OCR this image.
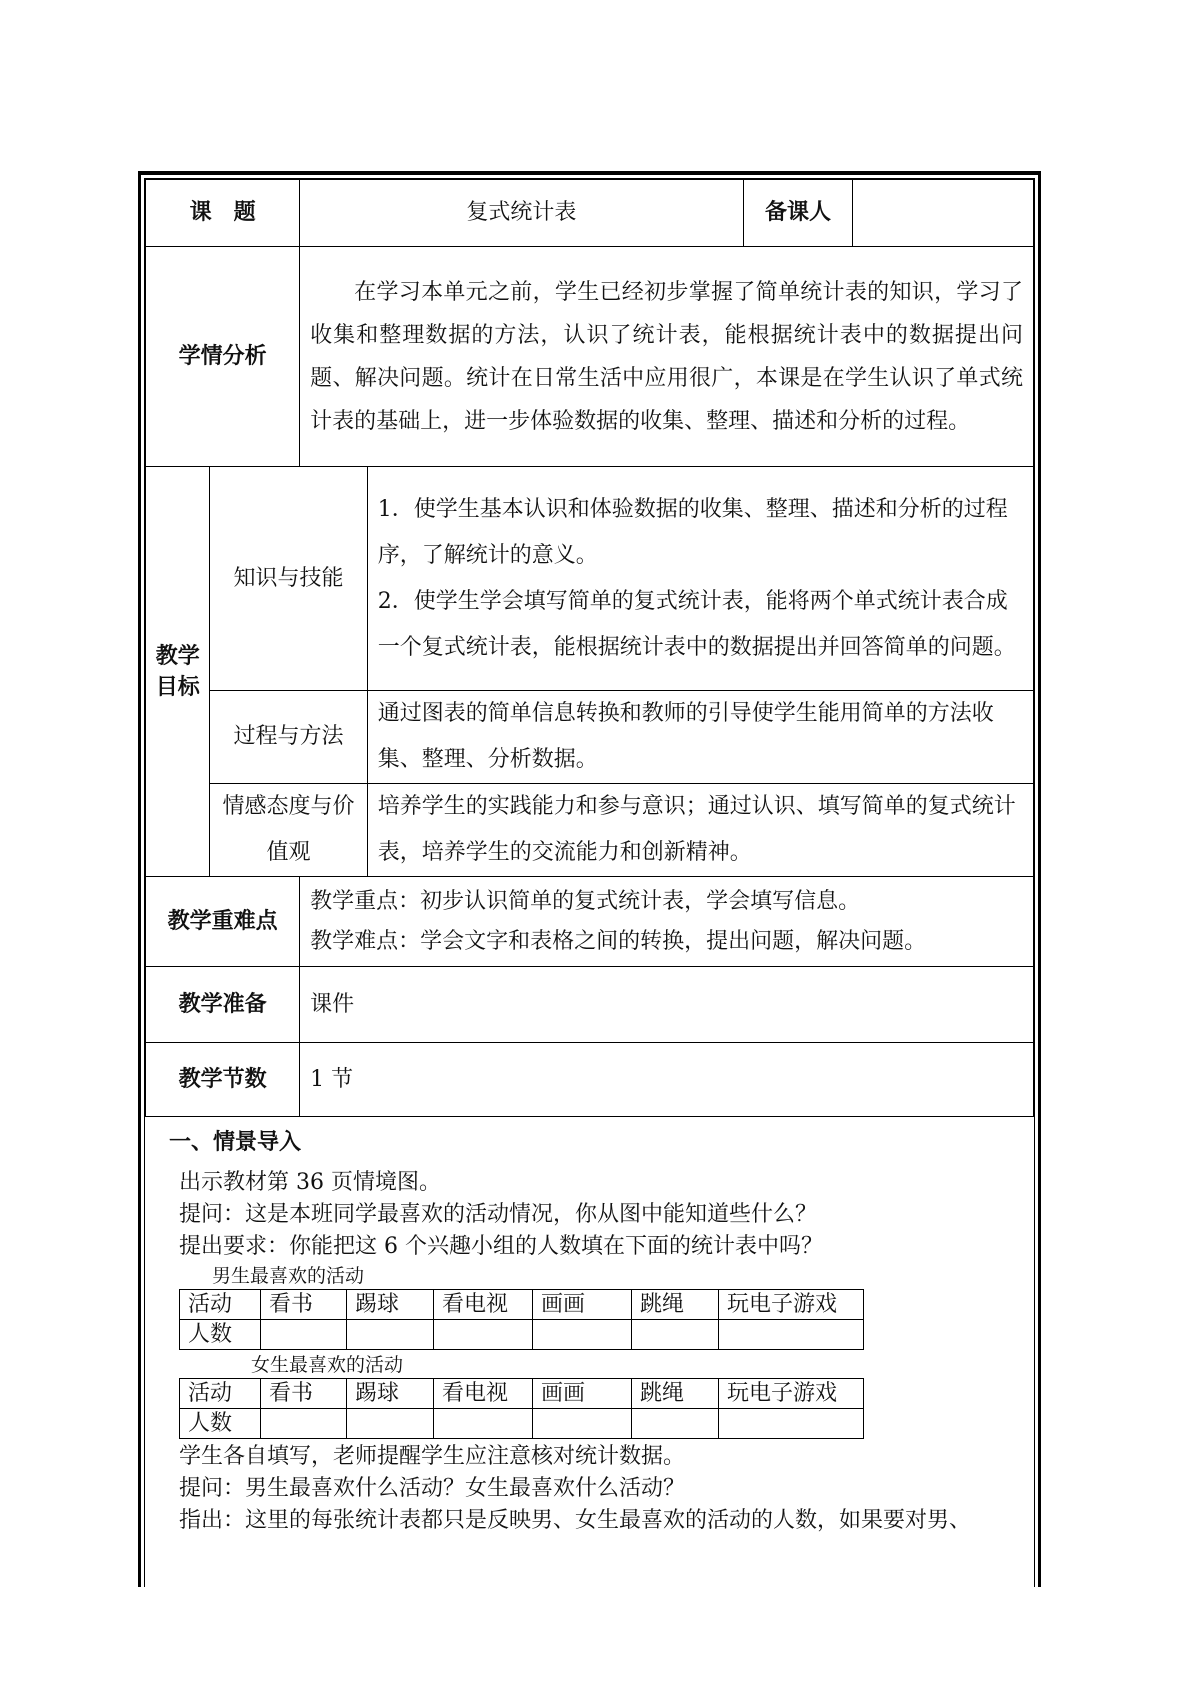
课　题		复式统计表		备课人	
学情分析		在学习本单元之前，学生已经初步掌握了简单统计表的知识，学习了收集和整理数据的方法，认识了统计表，能根据统计表中的数据提出问题、解决问题。统计在日常生活中应用很广，本课是在学生认识了单式统计表的基础上，进一步体验数据的收集、整理、描述和分析的过程。			
教学目标	知识与技能		1．使学生基本认识和体验数据的收集、整理、描述和分析的过程序，了解统计的意义。
2．使学生学会填写简单的复式统计表，能将两个单式统计表合成一个复式统计表，能根据统计表中的数据提出并回答简单的问题。		

	过程与方法		通过图表的简单信息转换和教师的引导使学生能用简单的方法收集、整理、分析数据。		
	情感态度与价值观		培养学生的实践能力和参与意识；通过认识、填写简单的复式统计表，培养学生的交流能力和创新精神。		
教学重难点		教学重点：初步认识简单的复式统计表，学会填写信息。
教学难点：学会文字和表格之间的转换，提出问题，解决问题。			

教学准备		课件			
教学节数		1 节			
一、情景导入
出示教材第 36 页情境图。
提问：这是本班同学最喜欢的活动情况，你从图中能知道些什么？
提出要求：你能把这 6 个兴趣小组的人数填在下面的统计表中吗？
男生最喜欢的活动
活动	看书	踢球	看电视	画画	跳绳	玩电子游戏
人数						
女生最喜欢的活动
活动	看书	踢球	看电视	画画	跳绳	玩电子游戏
人数						
学生各自填写，老师提醒学生应注意核对统计数据。
提问：男生最喜欢什么活动？女生最喜欢什么活动？
指出：这里的每张统计表都只是反映男、女生最喜欢的活动的人数，如果要对男、
